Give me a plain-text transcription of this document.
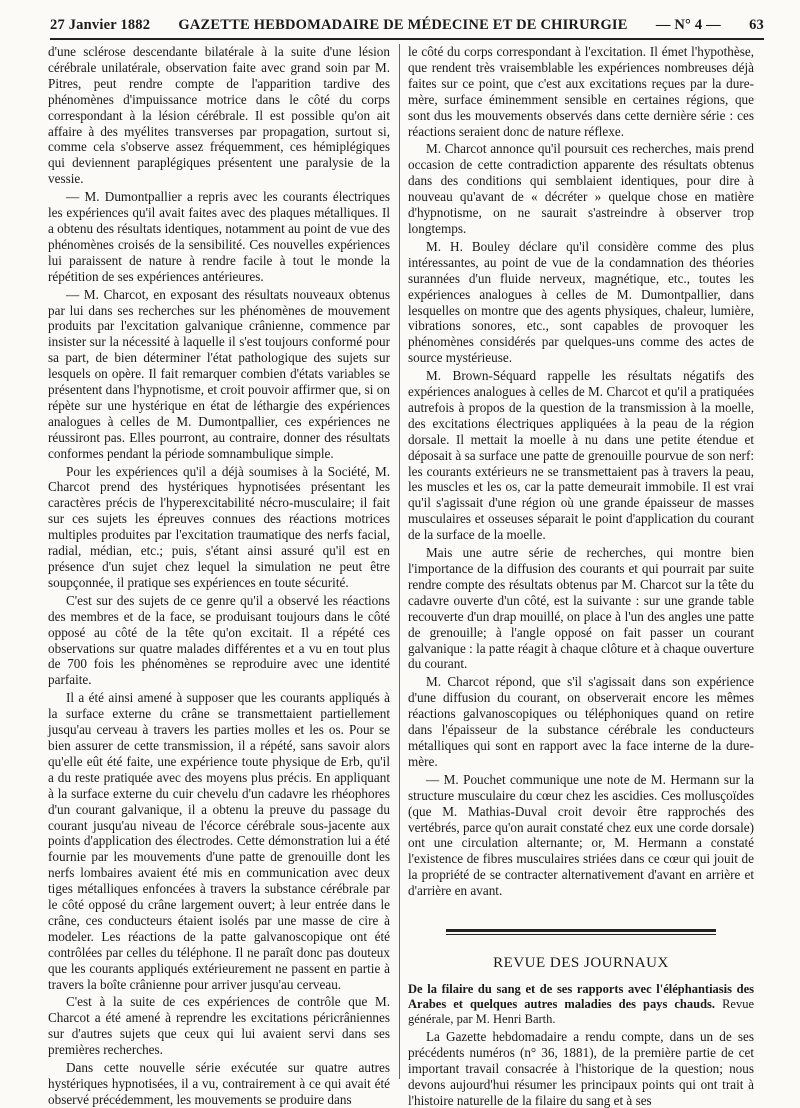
27 Janvier 1882 GAZETTE HEBDOMADAIRE DE MÉDECINE ET DE CHIRURGIE — N° 4 — 63

d'une sclérose descendante bilatérale à la suite d'une lésion cérébrale unilatérale, observation faite avec grand soin par M. Pitres, peut rendre compte de l'apparition tardive des phénomènes d'impuissance motrice dans le côté du corps correspondant à la lésion cérébrale. Il est possible qu'on ait affaire à des myélites transverses par propagation, surtout si, comme cela s'observe assez fréquemment, ces hémiplégiques qui deviennent paraplégiques présentent une paralysie de la vessie.

— M. Dumontpallier a repris avec les courants électriques les expériences qu'il avait faites avec des plaques métalliques. Il a obtenu des résultats identiques, notamment au point de vue des phénomènes croisés de la sensibilité. Ces nouvelles expériences lui paraissent de nature à rendre facile à tout le monde la répétition de ses expériences antérieures.

— M. Charcot, en exposant des résultats nouveaux obtenus par lui dans ses recherches sur les phénomènes de mouvement produits par l'excitation galvanique crânienne, commence par insister sur la nécessité à laquelle il s'est toujours conformé pour sa part, de bien déterminer l'état pathologique des sujets sur lesquels on opère. Il fait remarquer combien d'états variables se présentent dans l'hypnotisme, et croit pouvoir affirmer que, si on répète sur une hystérique en état de léthargie des expériences analogues à celles de M. Dumontpallier, ces expériences ne réussiront pas. Elles pourront, au contraire, donner des résultats conformes pendant la période somnambulique simple.

Pour les expériences qu'il a déjà soumises à la Société, M. Charcot prend des hystériques hypnotisées présentant les caractères précis de l'hyperexcitabilité nécro-musculaire; il fait sur ces sujets les épreuves connues des réactions motrices multiples produites par l'excitation traumatique des nerfs facial, radial, médian, etc.; puis, s'étant ainsi assuré qu'il est en présence d'un sujet chez lequel la simulation ne peut être soupçonnée, il pratique ses expériences en toute sécurité.

C'est sur des sujets de ce genre qu'il a observé les réactions des membres et de la face, se produisant toujours dans le côté opposé au côté de la tête qu'on excitait. Il a répété ces observations sur quatre malades différentes et a vu en tout plus de 700 fois les phénomènes se reproduire avec une identité parfaite.

Il a été ainsi amené à supposer que les courants appliqués à la surface externe du crâne se transmettaient partiellement jusqu'au cerveau à travers les parties molles et les os. Pour se bien assurer de cette transmission, il a répété, sans savoir alors qu'elle eût été faite, une expérience toute physique de Erb, qu'il a du reste pratiquée avec des moyens plus précis. En appliquant à la surface externe du cuir chevelu d'un cadavre les rhéophores d'un courant galvanique, il a obtenu la preuve du passage du courant jusqu'au niveau de l'écorce cérébrale sous-jacente aux points d'application des électrodes. Cette démonstration lui a été fournie par les mouvements d'une patte de grenouille dont les nerfs lombaires avaient été mis en communication avec deux tiges métalliques enfoncées à travers la substance cérébrale par le côté opposé du crâne largement ouvert; à leur entrée dans le crâne, ces conducteurs étaient isolés par une masse de cire à modeler. Les réactions de la patte galvanoscopique ont été contrôlées par celles du téléphone. Il ne paraît donc pas douteux que les courants appliqués extérieurement ne passent en partie à travers la boîte crânienne pour arriver jusqu'au cerveau.

C'est à la suite de ces expériences de contrôle que M. Charcot a été amené à reprendre les excitations péricrâniennes sur d'autres sujets que ceux qui lui avaient servi dans ses premières recherches.

Dans cette nouvelle série exécutée sur quatre autres hystériques hypnotisées, il a vu, contrairement à ce qui avait été observé précédemment, les mouvements se produire dans

le côté du corps correspondant à l'excitation. Il émet l'hypothèse, que rendent très vraisemblable les expériences nombreuses déjà faites sur ce point, que c'est aux excitations reçues par la dure-mère, surface éminemment sensible en certaines régions, que sont dus les mouvements observés dans cette dernière série : ces réactions seraient donc de nature réflexe.

M. Charcot annonce qu'il poursuit ces recherches, mais prend occasion de cette contradiction apparente des résultats obtenus dans des conditions qui semblaient identiques, pour dire à nouveau qu'avant de « décréter » quelque chose en matière d'hypnotisme, on ne saurait s'astreindre à observer trop longtemps.

M. H. Bouley déclare qu'il considère comme des plus intéressantes, au point de vue de la condamnation des théories surannées d'un fluide nerveux, magnétique, etc., toutes les expériences analogues à celles de M. Dumontpallier, dans lesquelles on montre que des agents physiques, chaleur, lumière, vibrations sonores, etc., sont capables de provoquer les phénomènes considérés par quelques-uns comme des actes de source mystérieuse.

M. Brown-Séquard rappelle les résultats négatifs des expériences analogues à celles de M. Charcot et qu'il a pratiquées autrefois à propos de la question de la transmission à la moelle, des excitations électriques appliquées à la peau de la région dorsale. Il mettait la moelle à nu dans une petite étendue et déposait à sa surface une patte de grenouille pourvue de son nerf: les courants extérieurs ne se transmettaient pas à travers la peau, les muscles et les os, car la patte demeurait immobile. Il est vrai qu'il s'agissait d'une région où une grande épaisseur de masses musculaires et osseuses séparait le point d'application du courant de la surface de la moelle.

Mais une autre série de recherches, qui montre bien l'importance de la diffusion des courants et qui pourrait par suite rendre compte des résultats obtenus par M. Charcot sur la tête du cadavre ouverte d'un côté, est la suivante : sur une grande table recouverte d'un drap mouillé, on place à l'un des angles une patte de grenouille; à l'angle opposé on fait passer un courant galvanique : la patte réagit à chaque clôture et à chaque ouverture du courant.

M. Charcot répond, que s'il s'agissait dans son expérience d'une diffusion du courant, on observerait encore les mêmes réactions galvanoscopiques ou téléphoniques quand on retire dans l'épaisseur de la substance cérébrale les conducteurs métalliques qui sont en rapport avec la face interne de la dure-mère.

— M. Pouchet communique une note de M. Hermann sur la structure musculaire du cœur chez les ascidies. Ces mollusçoïdes (que M. Mathias-Duval croit devoir être rapprochés des vertébrés, parce qu'on aurait constaté chez eux une corde dorsale) ont une circulation alternante; or, M. Hermann a constaté l'existence de fibres musculaires striées dans ce cœur qui jouit de la propriété de se contracter alternativement d'avant en arrière et d'arrière en avant.

REVUE DES JOURNAUX

De la filaire du sang et de ses rapports avec l'éléphantiasis des Arabes et quelques autres maladies des pays chauds. Revue générale, par M. Henri Barth.

La Gazette hebdomadaire a rendu compte, dans un de ses précédents numéros (n° 36, 1881), de la première partie de cet important travail consacrée à l'historique de la question; nous devons aujourd'hui résumer les principaux points qui ont trait à l'histoire naturelle de la filaire du sang et à ses
